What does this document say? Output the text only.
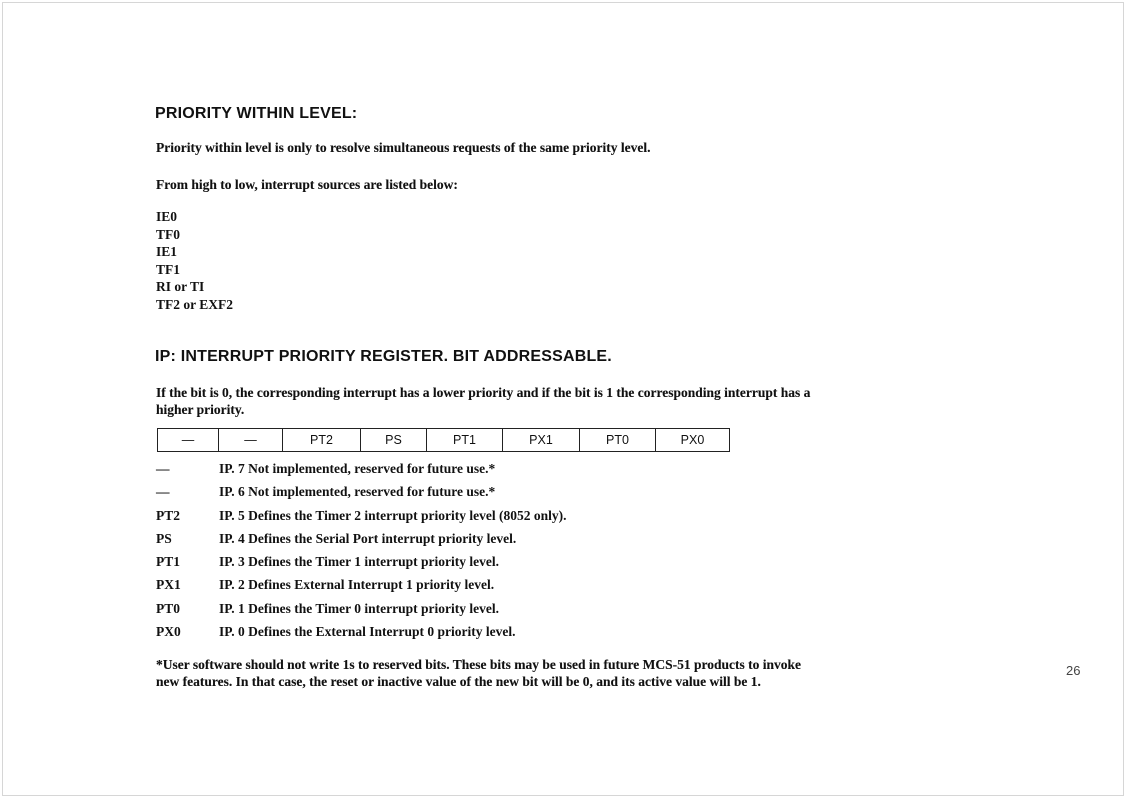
PRIORITY WITHIN LEVEL:
Priority within level is only to resolve simultaneous requests of the same priority level.
From high to low, interrupt sources are listed below:
IE0
TF0
IE1
TF1
RI or TI
TF2 or EXF2
IP: INTERRUPT PRIORITY REGISTER. BIT ADDRESSABLE.
If the bit is 0, the corresponding interrupt has a lower priority and if the bit is 1 the corresponding interrupt has a
higher priority.
—	—	PT2	PS	PT1	PX1	PT0	PX0
—	IP. 7 Not implemented, reserved for future use.*
—	IP. 6 Not implemented, reserved for future use.*
PT2	IP. 5 Defines the Timer 2 interrupt priority level (8052 only).
PS	IP. 4 Defines the Serial Port interrupt priority level.
PT1	IP. 3 Defines the Timer 1 interrupt priority level.
PX1	IP. 2 Defines External Interrupt 1 priority level.
PT0	IP. 1 Defines the Timer 0 interrupt priority level.
PX0	IP. 0 Defines the External Interrupt 0 priority level.
*User software should not write 1s to reserved bits. These bits may be used in future MCS-51 products to invoke
new features. In that case, the reset or inactive value of the new bit will be 0, and its active value will be 1.
26
